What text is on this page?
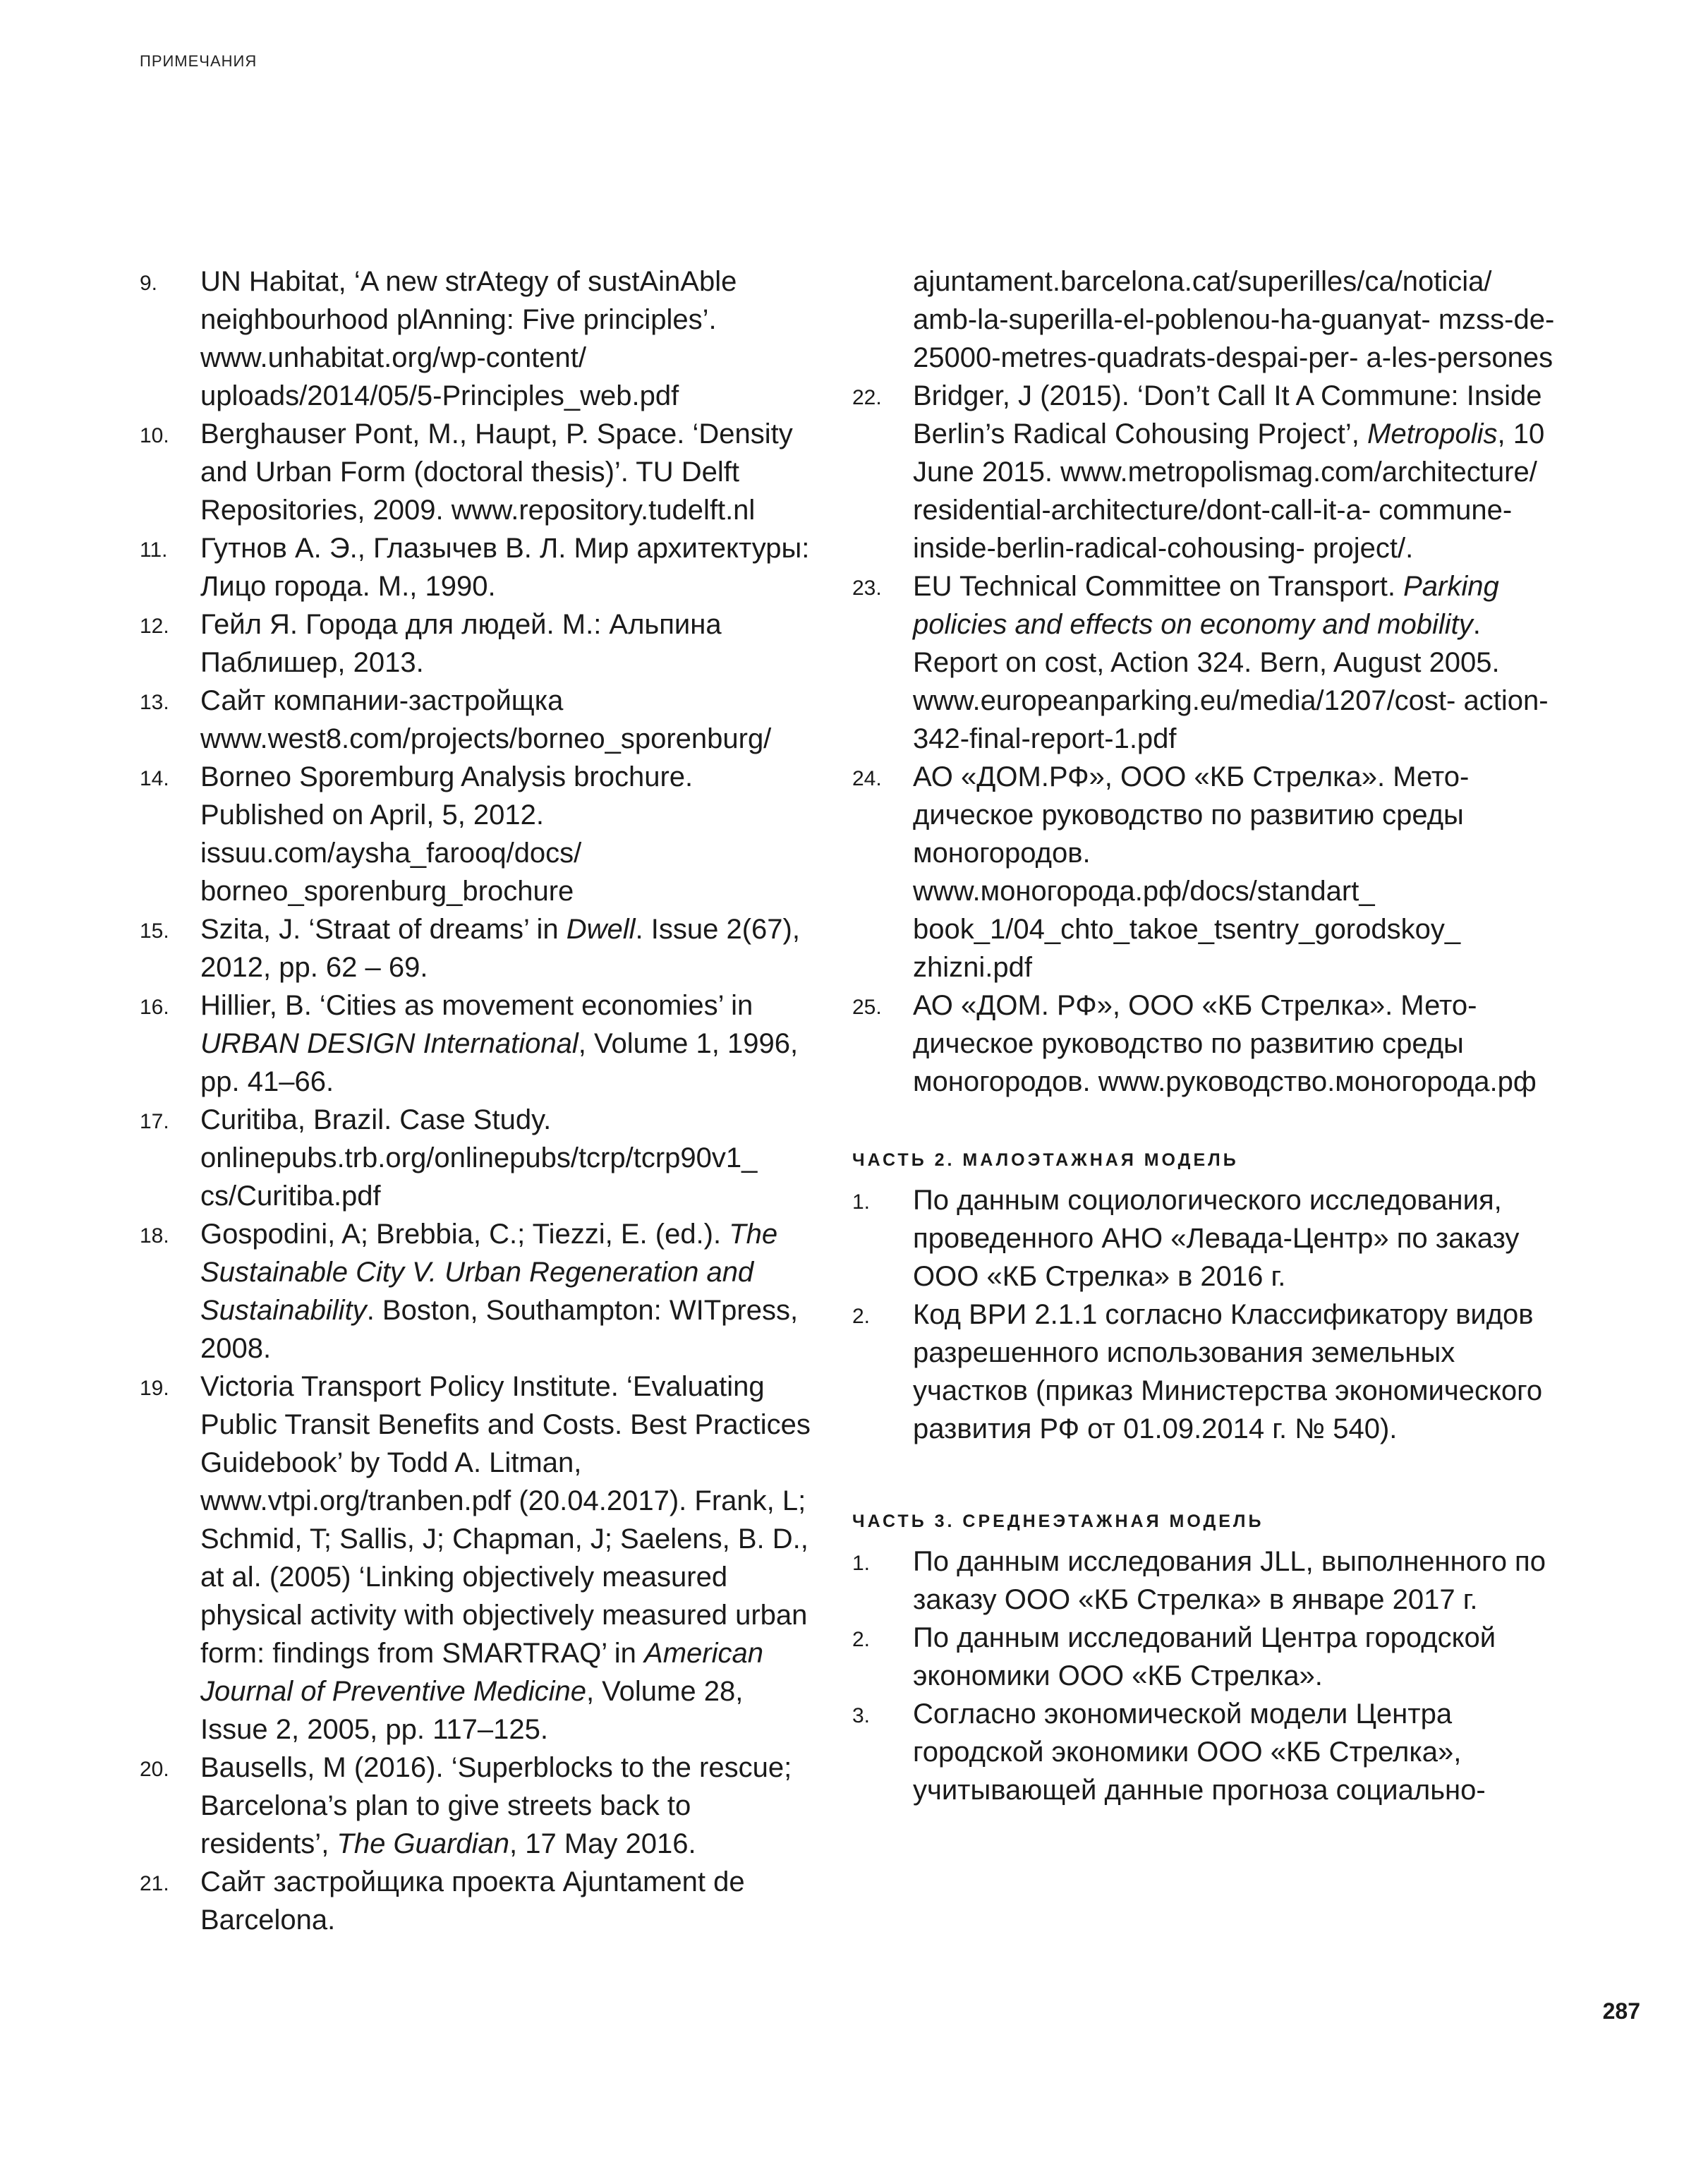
ПРИМЕЧАНИЯ
9. UN Habitat, ‘A new strAtegy of sustAinAble neighbourhood plAnning: Five principles’. www.unhabitat.org/wp-content/ uploads/2014/05/5-Principles_web.pdf
10. Berghauser Pont, M., Haupt, P. Space. ‘Density and Urban Form (doctoral thesis)’. TU Delft Repositories, 2009. www.repository.tudelft.nl
11. Гутнов А. Э., Глазычев В. Л. Мир архитектуры: Лицо города. М., 1990.
12. Гейл Я. Города для людей. М.: Альпина Паблишер, 2013.
13. Сайт компании-застройщка www.west8.com/projects/borneo_sporenburg/
14. Borneo Sporemburg Analysis brochure. Published on April, 5, 2012. issuu.com/aysha_farooq/docs/ borneo_sporenburg_brochure
15. Szita, J. ‘Straat of dreams’ in Dwell. Issue 2(67), 2012, pp. 62 – 69.
16. Hillier, B. ‘Cities as movement economies’ in URBAN DESIGN International, Volume 1, 1996, pp. 41–66.
17. Curitiba, Brazil. Case Study. onlinepubs.trb.org/onlinepubs/tcrp/tcrp90v1_ cs/Curitiba.pdf
18. Gospodini, A; Brebbia, C.; Tiezzi, E. (ed.). The Sustainable City V. Urban Regeneration and Sustainability. Boston, Southampton: WITpress, 2008.
19. Victoria Transport Policy Institute. ‘Evaluating Public Transit Benefits and Costs. Best Practices Guidebook’ by Todd A. Litman, www.vtpi.org/tranben.pdf (20.04.2017). Frank, L; Schmid, T; Sallis, J; Chapman, J; Saelens, B. D., at al. (2005) ‘Linking objectively measured physical activity with objectively measured urban form: findings from SMARTRAQ’ in American Journal of Preventive Medicine, Volume 28, Issue 2, 2005, pp. 117–125.
20. Bausells, M (2016). ‘Superblocks to the rescue; Barcelona’s plan to give streets back to residents’, The Guardian, 17 May 2016.
21. Сайт застройщика проекта Ajuntament de Barcelona.
ajuntament.barcelona.cat/superilles/ca/noticia/ amb-la-superilla-el-poblenou-ha-guanyat- mzss-de-25000-metres-quadrats-despai-per- a-les-persones
22. Bridger, J (2015). ‘Don’t Call It A Commune: Inside Berlin’s Radical Cohousing Project’, Metropolis, 10 June 2015. www.metropolismag.com/architecture/ residential-architecture/dont-call-it-a- commune-inside-berlin-radical-cohousing- project/.
23. EU Technical Committee on Transport. Parking policies and effects on economy and mobility. Report on cost, Action 324. Bern, August 2005. www.europeanparking.eu/media/1207/cost- action-342-final-report-1.pdf
24. АО «ДОМ.РФ», ООО «КБ Стрелка». Методическое руководство по развитию среды моногородов. www.моногорода.рф/docs/standart_ book_1/04_chto_takoe_tsentry_gorodskoy_ zhizni.pdf
25. АО «ДОМ. РФ», ООО «КБ Стрелка». Методическое руководство по развитию среды моногородов. www.руководство.моногорода.рф
ЧАСТЬ 2. МАЛОЭТАЖНАЯ МОДЕЛЬ
1. По данным социологического исследования, проведенного АНО «Левада-Центр» по заказу ООО «КБ Стрелка» в 2016 г.
2. Код ВРИ 2.1.1 согласно Классификатору видов разрешенного использования земельных участков (приказ Министерства экономического развития РФ от 01.09.2014 г. № 540).
ЧАСТЬ 3. СРЕДНЕЭТАЖНАЯ МОДЕЛЬ
1. По данным исследования JLL, выполненного по заказу ООО «КБ Стрелка» в январе 2017 г.
2. По данным исследований Центра городской экономики ООО «КБ Стрелка».
3. Согласно экономической модели Центра городской экономики ООО «КБ Стрелка», учитывающей данные прогноза социально-
287
